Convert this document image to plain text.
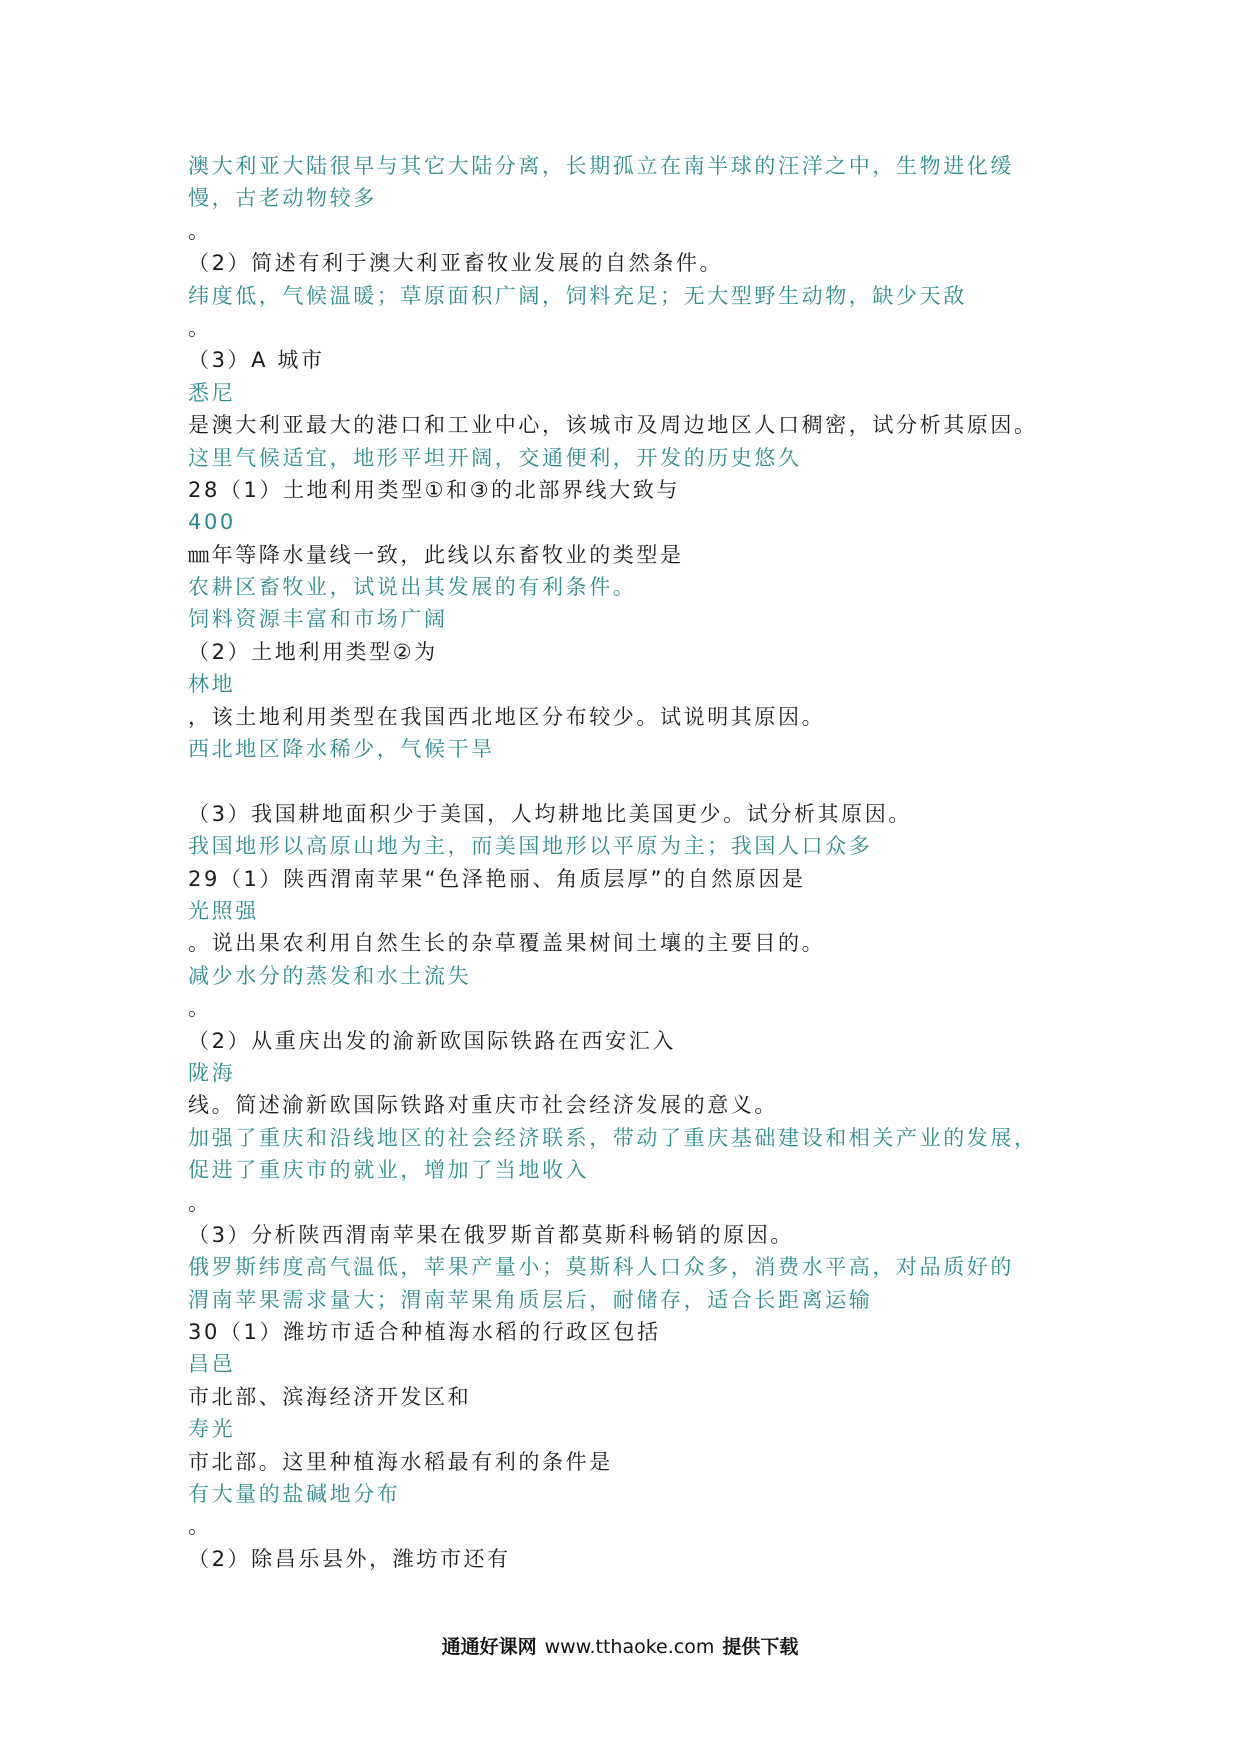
澳大利亚大陆很早与其它大陆分离，长期孤立在南半球的汪洋之中，生物进化缓
慢，古老动物较多
。
（2）简述有利于澳大利亚畜牧业发展的自然条件。
纬度低，气候温暖；草原面积广阔，饲料充足；无大型野生动物，缺少天敌
。
（3）A 城市
悉尼
是澳大利亚最大的港口和工业中心，该城市及周边地区人口稠密，试分析其原因。
这里气候适宜，地形平坦开阔，交通便利，开发的历史悠久
28（1）土地利用类型①和③的北部界线大致与
400
㎜年等降水量线一致，此线以东畜牧业的类型是
农耕区畜牧业，试说出其发展的有利条件。
饲料资源丰富和市场广阔
（2）土地利用类型②为
林地
，该土地利用类型在我国西北地区分布较少。试说明其原因。
西北地区降水稀少，气候干旱
（3）我国耕地面积少于美国，人均耕地比美国更少。试分析其原因。
我国地形以高原山地为主，而美国地形以平原为主；我国人口众多
29（1）陕西渭南苹果“色泽艳丽、角质层厚”的自然原因是
光照强
。说出果农利用自然生长的杂草覆盖果树间土壤的主要目的。
减少水分的蒸发和水土流失
。
（2）从重庆出发的渝新欧国际铁路在西安汇入
陇海
线。简述渝新欧国际铁路对重庆市社会经济发展的意义。
加强了重庆和沿线地区的社会经济联系，带动了重庆基础建设和相关产业的发展，
促进了重庆市的就业，增加了当地收入
。
（3）分析陕西渭南苹果在俄罗斯首都莫斯科畅销的原因。
俄罗斯纬度高气温低，苹果产量小；莫斯科人口众多，消费水平高，对品质好的
渭南苹果需求量大；渭南苹果角质层后，耐储存，适合长距离运输
30（1）潍坊市适合种植海水稻的行政区包括
昌邑
市北部、滨海经济开发区和
寿光
市北部。这里种植海水稻最有利的条件是
有大量的盐碱地分布
。
（2）除昌乐县外，潍坊市还有
通通好课网 www.tthaoke.com 提供下载
